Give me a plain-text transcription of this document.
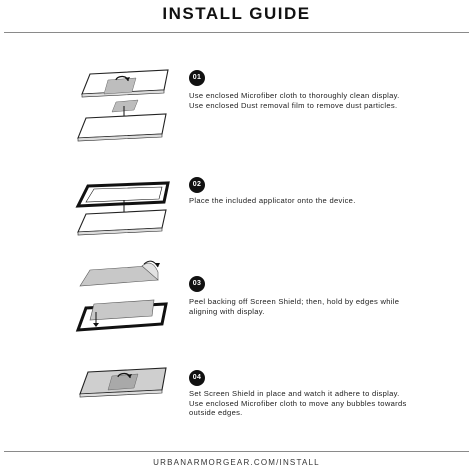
INSTALL GUIDE
01
Use enclosed Microfiber cloth to thoroughly clean display. Use enclosed Dust removal film to remove dust particles.
02
Place the included applicator onto the device.
03
Peel backing off Screen Shield; then, hold by edges while aligning with display.
04
Set Screen Shield in place and watch it adhere to display. Use enclosed Microfiber cloth to move any bubbles towards outside edges.
URBANARMORGEAR.COM/INSTALL
